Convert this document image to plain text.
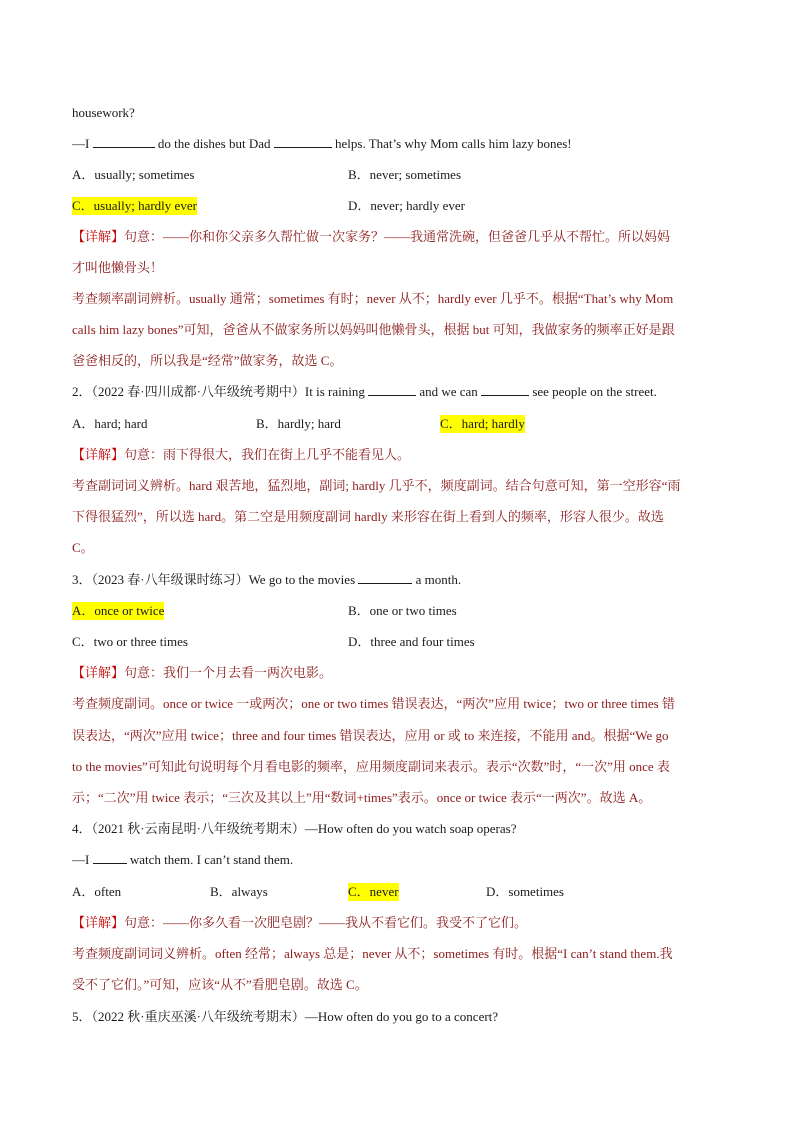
housework?
—I	do the dishes but Dad	helps. That’s why Mom calls him lazy bones!
A．usually; sometimes	B．never; sometimes
C．usually; hardly ever	D．never; hardly ever
【详解】句意：——你和你父亲多久帮忙做一次家务？——我通常洗碗，但爸爸几乎从不帮忙。所以妈妈
才叫他懒骨头！
考查频率副词辨析。usually 通常；sometimes 有时；never 从不；hardly ever 几乎不。根据“That’s why Mom
calls him lazy bones”可知，爸爸从不做家务所以妈妈叫他懒骨头，根据 but 可知，我做家务的频率正好是跟
爸爸相反的，所以我是“经常”做家务，故选 C。
2．（2022 春·四川成都·八年级统考期中）It is raining	and we can	see people on the street.
A．hard; hard	B．hardly; hard	C．hard; hardly
【详解】句意：雨下得很大，我们在街上几乎不能看见人。
考查副词词义辨析。hard 艰苦地，猛烈地，副词; hardly 几乎不，频度副词。结合句意可知，第一空形容“雨
下得很猛烈”，所以选 hard。第二空是用频度副词 hardly 来形容在街上看到人的频率，形容人很少。故选
C。
3．（2023 春·八年级课时练习）We go to the movies	a month.
A．once or twice	B．one or two times
C．two or three times	D．three and four times
【详解】句意：我们一个月去看一两次电影。
考查频度副词。once or twice 一或两次；one or two times 错误表达，“两次”应用 twice；two or three times 错
误表达，“两次”应用 twice；three and four times 错误表达，应用 or 或 to 来连接，不能用 and。根据“We go
to the movies”可知此句说明每个月看电影的频率，应用频度副词来表示。表示“次数”时，“一次”用 once 表
示；“二次”用 twice 表示；“三次及其以上”用“数词+times”表示。once or twice 表示“一两次”。故选 A。
4．（2021 秋·云南昆明·八年级统考期末）—How often do you watch soap operas?
—I	watch them. I can’t stand them.
A．often	B．always	C．never	D．sometimes
【详解】句意：——你多久看一次肥皂剧？——我从不看它们。我受不了它们。
考查频度副词词义辨析。often 经常；always 总是；never 从不；sometimes 有时。根据“I can’t stand them.我
受不了它们。”可知，应该“从不”看肥皂剧。故选 C。
5．（2022 秋·重庆巫溪·八年级统考期末）—How often do you go to a concert?
